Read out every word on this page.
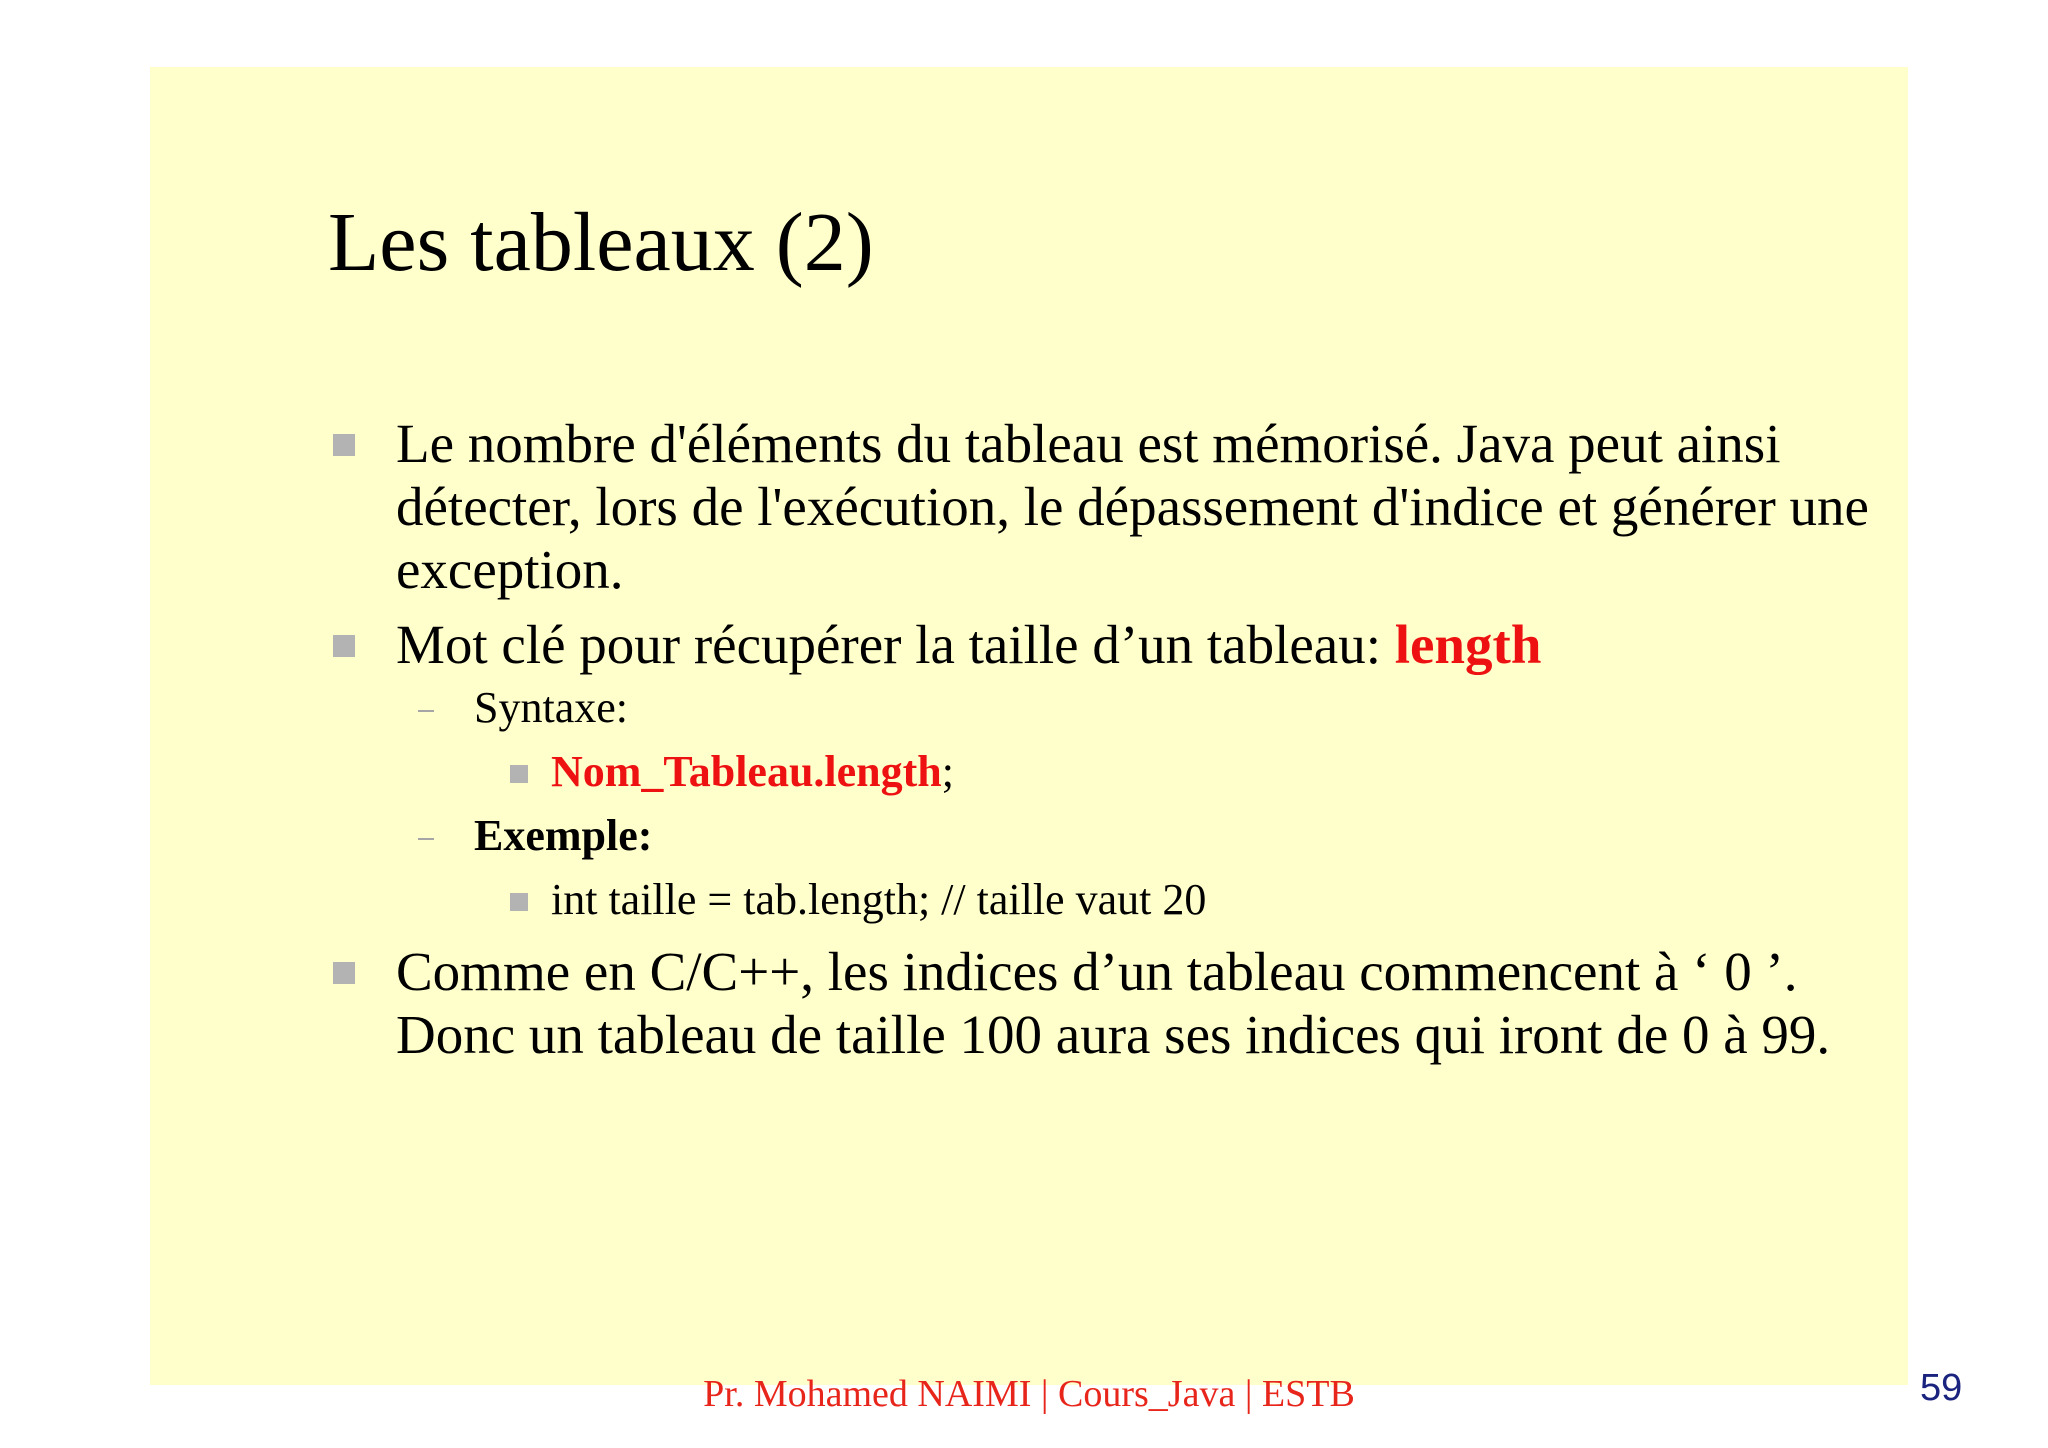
Les tableaux (2)
Le nombre d'éléments du tableau est mémorisé. Java peut ainsi détecter, lors de l'exécution, le dépassement d'indice et générer une exception.
Mot clé pour récupérer la taille d’un tableau: length
Syntaxe:
Nom_Tableau.length;
Exemple:
int taille = tab.length; // taille vaut 20
Comme en C/C++, les indices d’un tableau commencent à ‘ 0 ’. Donc un tableau de taille 100 aura ses indices qui iront de 0 à 99.
Pr. Mohamed NAIMI | Cours_Java | ESTB	59
